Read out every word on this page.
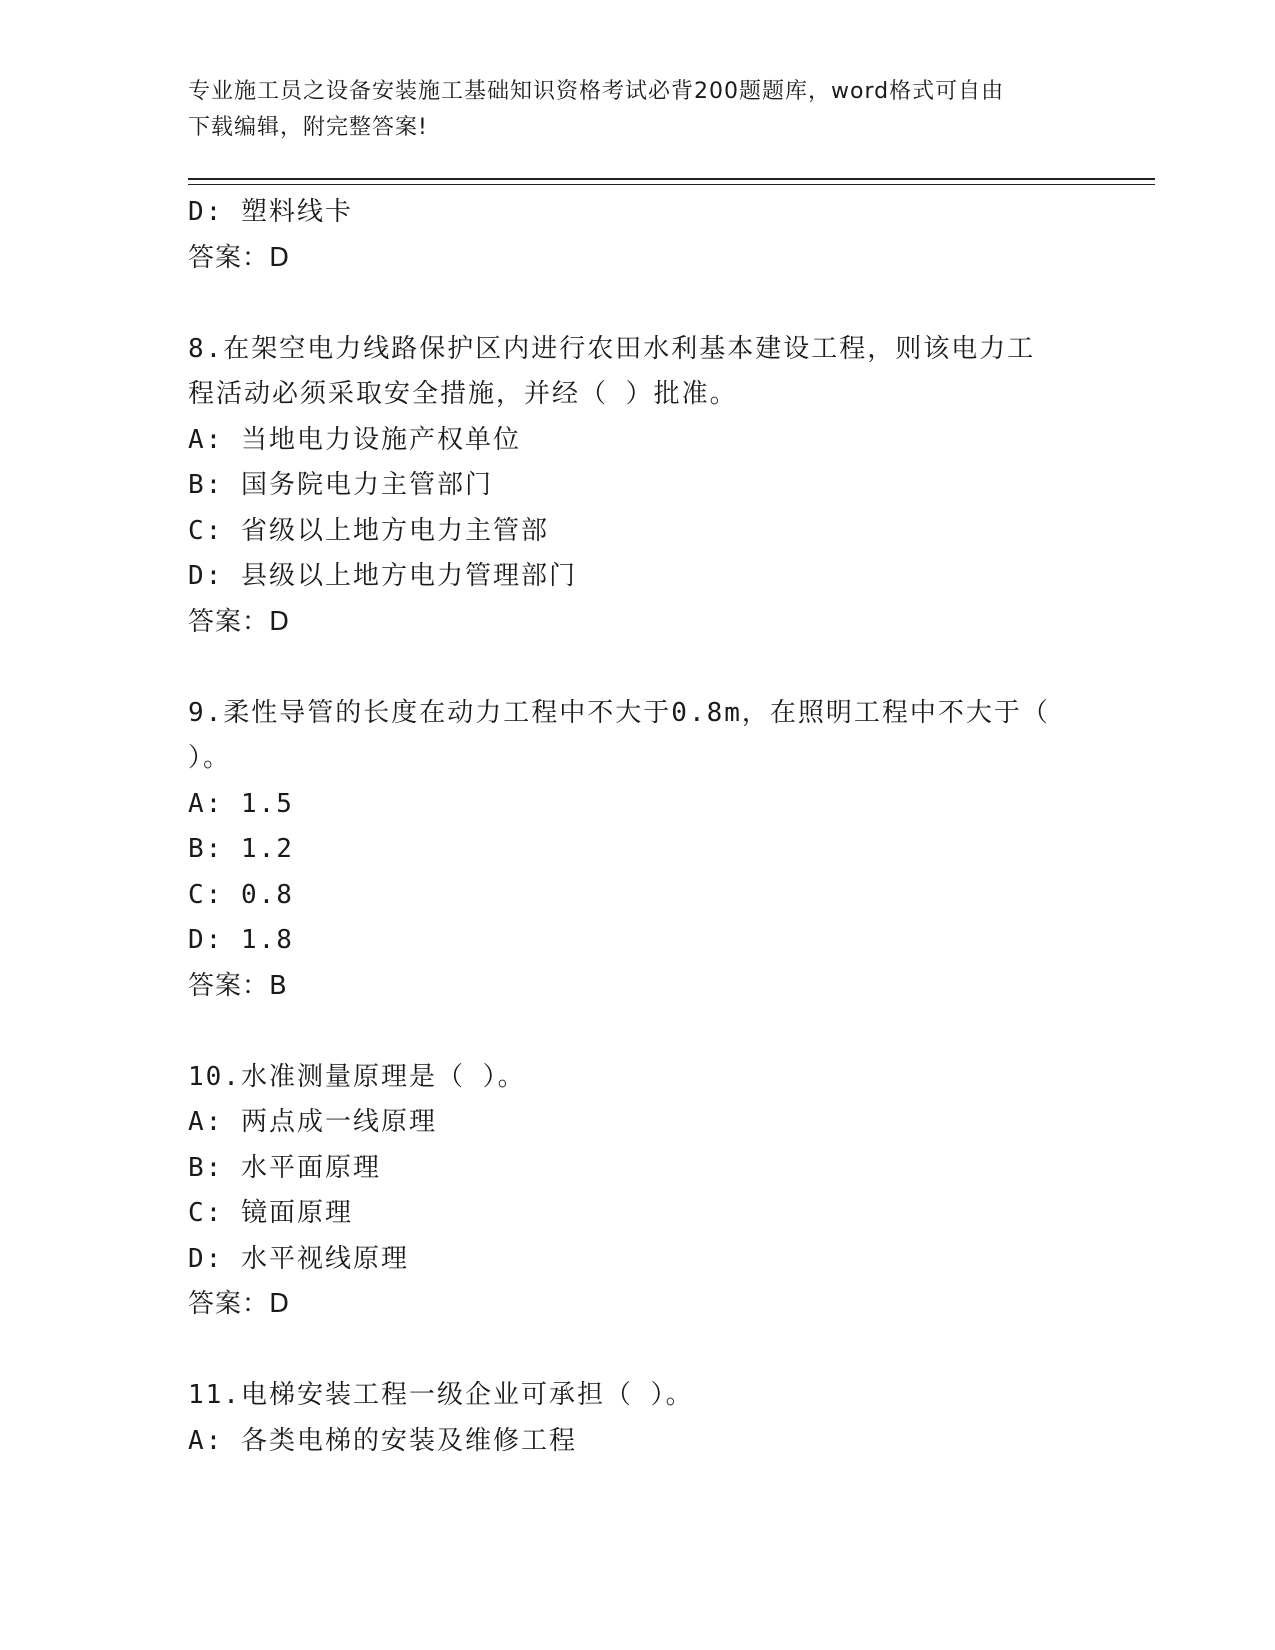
专业施工员之设备安装施工基础知识资格考试必背200题题库，word格式可自由
下载编辑，附完整答案!
D: 塑料线卡
答案：D
8.在架空电力线路保护区内进行农田水利基本建设工程，则该电力工
程活动必须采取安全措施，并经（ ）批准。
A: 当地电力设施产权单位
B: 国务院电力主管部门
C: 省级以上地方电力主管部
D: 县级以上地方电力管理部门
答案：D
9.柔性导管的长度在动力工程中不大于0.8m，在照明工程中不大于（
）。
A: 1.5
B: 1.2
C: 0.8
D: 1.8
答案：B
10.水准测量原理是（ ）。
A: 两点成一线原理
B: 水平面原理
C: 镜面原理
D: 水平视线原理
答案：D
11.电梯安装工程一级企业可承担（ ）。
A: 各类电梯的安装及维修工程
